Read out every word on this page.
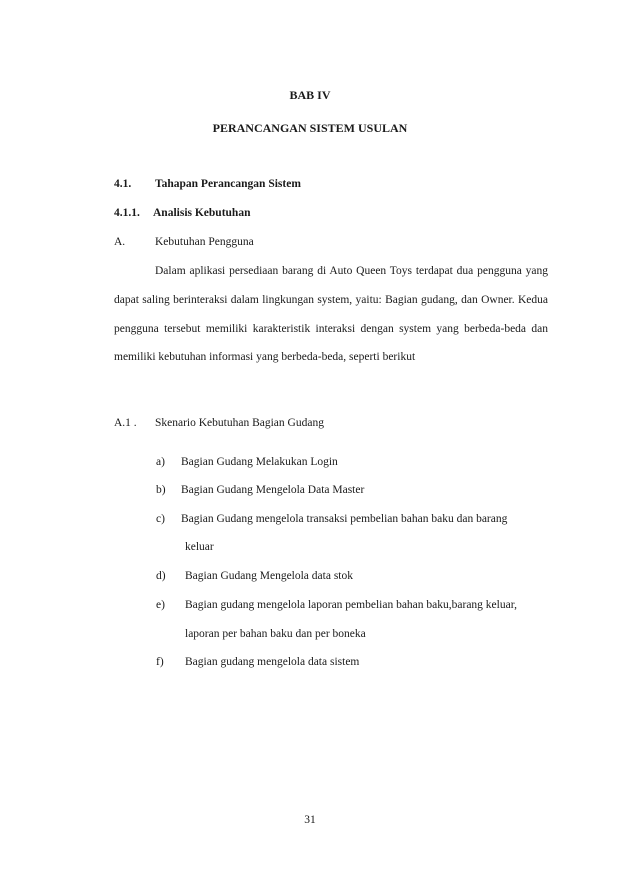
BAB IV
PERANCANGAN SISTEM USULAN
4.1. Tahapan Perancangan Sistem
4.1.1. Analisis Kebutuhan
A.	Kebutuhan Pengguna
Dalam aplikasi persediaan barang di Auto Queen Toys terdapat dua pengguna yang dapat saling berinteraksi dalam lingkungan system, yaitu: Bagian gudang, dan Owner. Kedua pengguna tersebut memiliki karakteristik interaksi dengan system yang berbeda-beda dan memiliki kebutuhan informasi yang berbeda-beda, seperti berikut
A.1 . Skenario Kebutuhan Bagian Gudang
a) Bagian Gudang Melakukan Login
b) Bagian Gudang Mengelola Data Master
c) Bagian Gudang mengelola transaksi pembelian bahan baku dan barang
keluar
d) Bagian Gudang Mengelola data stok
e) Bagian gudang mengelola laporan pembelian bahan baku,barang keluar,
laporan per bahan baku dan per boneka
f) Bagian gudang mengelola data sistem
31
